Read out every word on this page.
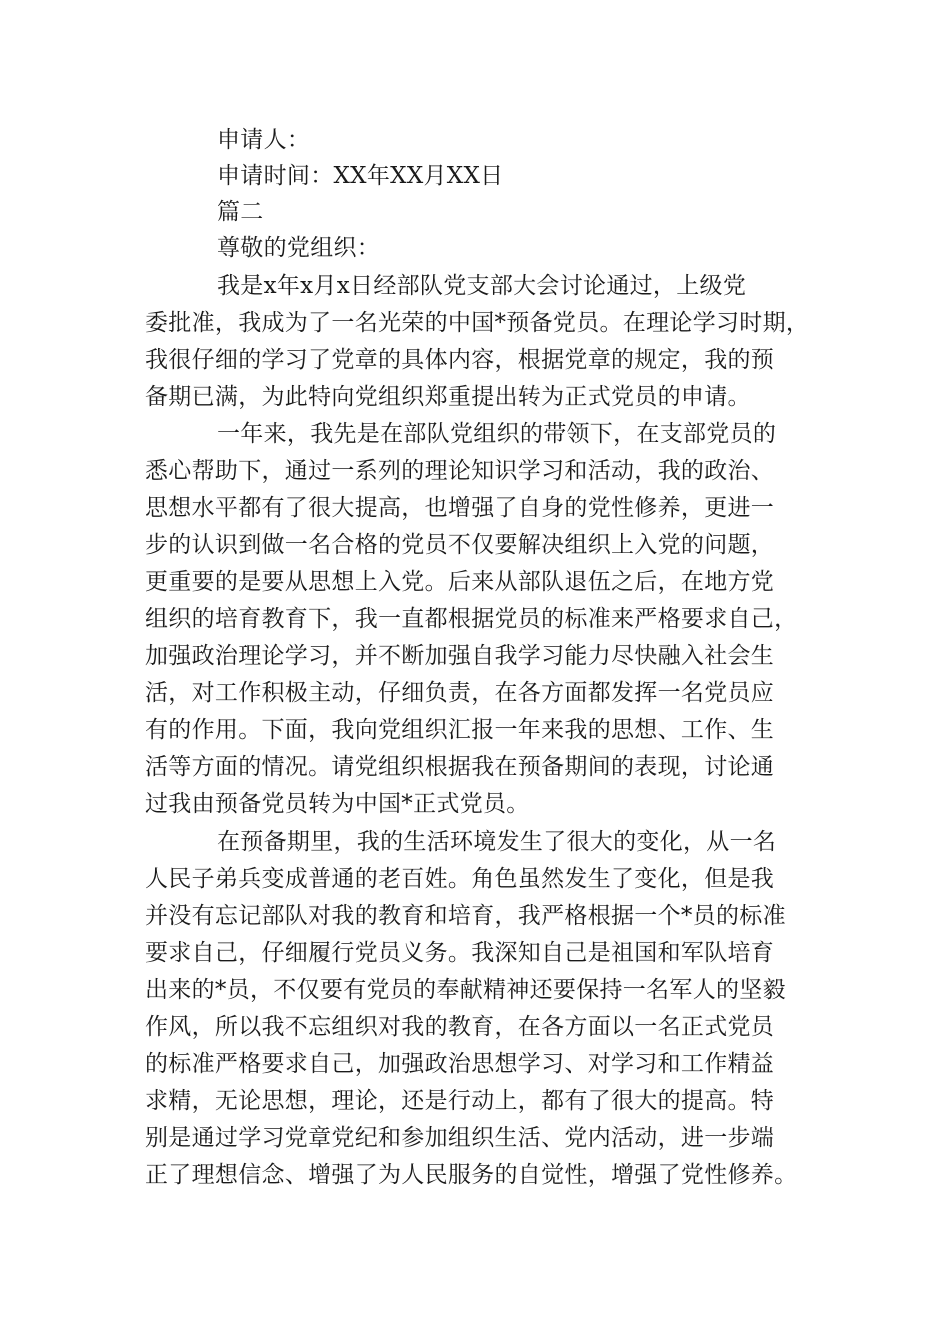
申请人：
申请时间：XX年XX月XX日
篇二
尊敬的党组织：
我是x年x月x日经部队党支部大会讨论通过，上级党
委批准，我成为了一名光荣的中国*预备党员。在理论学习时期，
我很仔细的学习了党章的具体内容，根据党章的规定，我的预
备期已满，为此特向党组织郑重提出转为正式党员的申请。
一年来，我先是在部队党组织的带领下，在支部党员的
悉心帮助下，通过一系列的理论知识学习和活动，我的政治、
思想水平都有了很大提高，也增强了自身的党性修养，更进一
步的认识到做一名合格的党员不仅要解决组织上入党的问题，
更重要的是要从思想上入党。后来从部队退伍之后，在地方党
组织的培育教育下，我一直都根据党员的标准来严格要求自己，
加强政治理论学习，并不断加强自我学习能力尽快融入社会生
活，对工作积极主动，仔细负责，在各方面都发挥一名党员应
有的作用。下面，我向党组织汇报一年来我的思想、工作、生
活等方面的情况。请党组织根据我在预备期间的表现，讨论通
过我由预备党员转为中国*正式党员。
在预备期里，我的生活环境发生了很大的变化，从一名
人民子弟兵变成普通的老百姓。角色虽然发生了变化，但是我
并没有忘记部队对我的教育和培育，我严格根据一个*员的标准
要求自己，仔细履行党员义务。我深知自己是祖国和军队培育
出来的*员，不仅要有党员的奉献精神还要保持一名军人的坚毅
作风，所以我不忘组织对我的教育，在各方面以一名正式党员
的标准严格要求自己，加强政治思想学习、对学习和工作精益
求精，无论思想，理论，还是行动上，都有了很大的提高。特
别是通过学习党章党纪和参加组织生活、党内活动，进一步端
正了理想信念、增强了为人民服务的自觉性，增强了党性修养。
